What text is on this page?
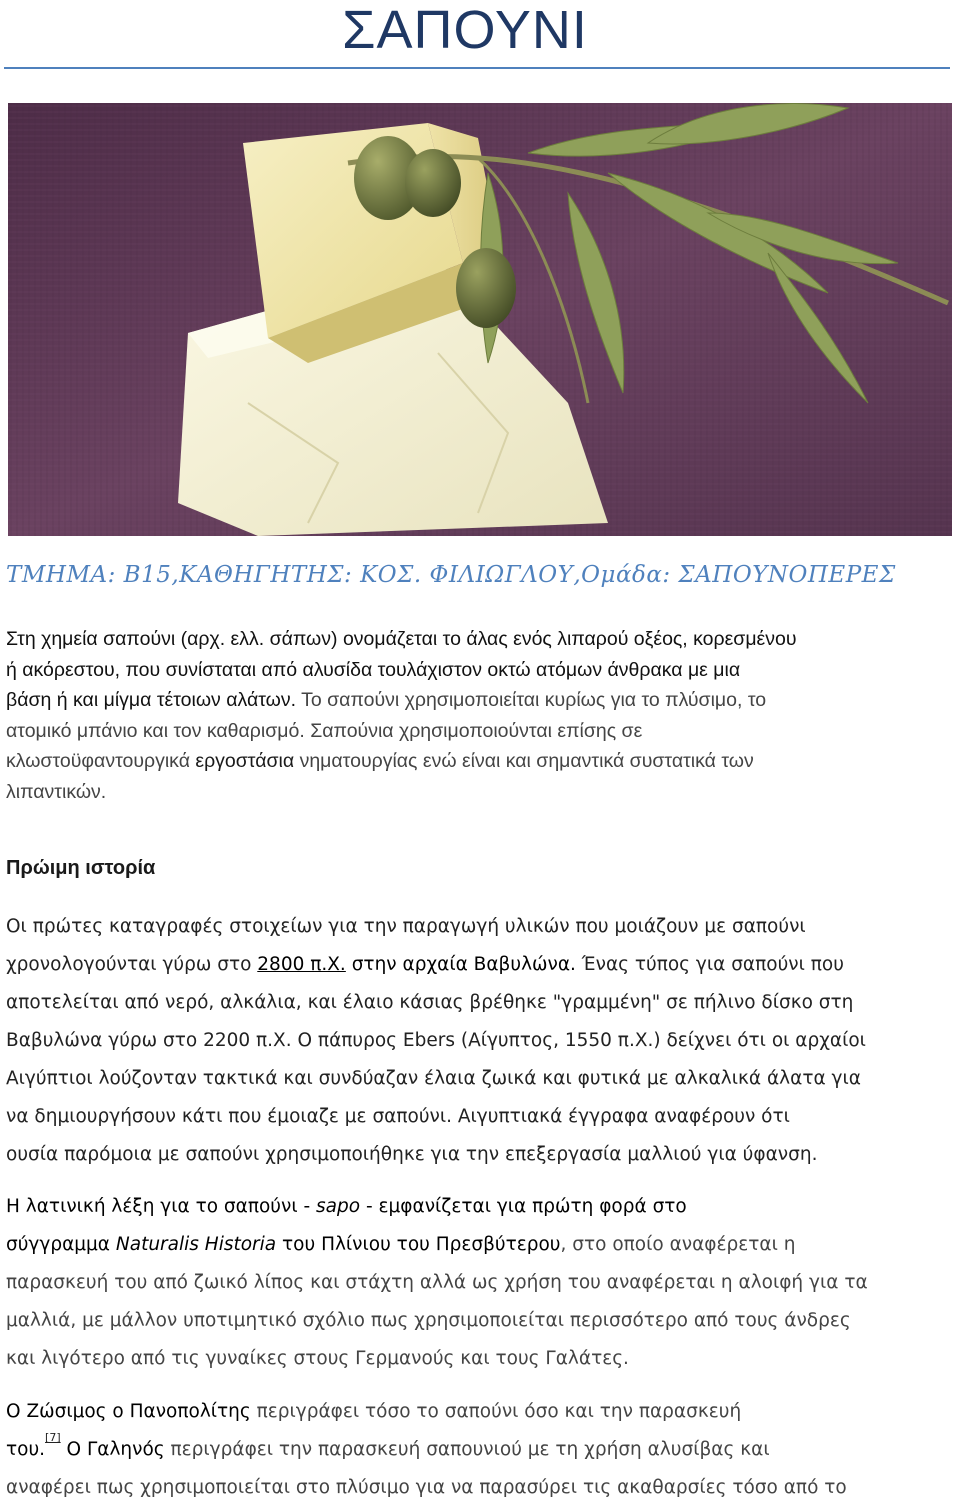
ΣΑΠΟΥΝΙ

ΤΜΗΜΑ: Β15,ΚΑΘΗΓΗΤΗΣ: ΚΟΣ. ΦΙΛΙΩΓΛΟΥ,Ομάδα: ΣΑΠΟΥΝΟΠΕΡΕΣ

Στη χημεία σαπούνι (αρχ. ελλ. σάπων) ονομάζεται το άλας ενός λιπαρού οξέος, κορεσμένου
ή ακόρεστου, που συνίσταται από αλυσίδα τουλάχιστον οκτώ ατόμων άνθρακα με μια
βάση ή και μίγμα τέτοιων αλάτων. Το σαπούνι χρησιμοποιείται κυρίως για το πλύσιμο, το
ατομικό μπάνιο και τον καθαρισμό. Σαπούνια χρησιμοποιούνται επίσης σε
κλωστοϋφαντουργικά εργοστάσια νηματουργίας ενώ είναι και σημαντικά συστατικά των
λιπαντικών.
Πρώιμη ιστορία
Οι πρώτες καταγραφές στοιχείων για την παραγωγή υλικών που μοιάζουν με σαπούνι
χρονολογούνται γύρω στο 2800 π.Χ. στην αρχαία Βαβυλώνα. Ένας τύπος για σαπούνι που
αποτελείται από νερό, αλκάλια, και έλαιο κάσιας βρέθηκε "γραμμένη" σε πήλινο δίσκο στη
Βαβυλώνα γύρω στο 2200 π.Χ. Ο πάπυρος Ebers (Αίγυπτος, 1550 π.Χ.) δείχνει ότι οι αρχαίοι
Αιγύπτιοι λούζονταν τακτικά και συνδύαζαν έλαια ζωικά και φυτικά με αλκαλικά άλατα για
να δημιουργήσουν κάτι που έμοιαζε με σαπούνι. Αιγυπτιακά έγγραφα αναφέρουν ότι
ουσία παρόμοια με σαπούνι χρησιμοποιήθηκε για την επεξεργασία μαλλιού για ύφανση.
Η λατινική λέξη για το σαπούνι - sapo - εμφανίζεται για πρώτη φορά στο
σύγγραμμα Naturalis Historia του Πλίνιου του Πρεσβύτερου, στο οποίο αναφέρεται η
παρασκευή του από ζωικό λίπος και στάχτη αλλά ως χρήση του αναφέρεται η αλοιφή για τα
μαλλιά, με μάλλον υποτιμητικό σχόλιο πως χρησιμοποιείται περισσότερο από τους άνδρες
και λιγότερο από τις γυναίκες στους Γερμανούς και τους Γαλάτες.
Ο Ζώσιμος ο Πανοπολίτης περιγράφει τόσο το σαπούνι όσο και την παρασκευή
του.[7] Ο Γαληνός περιγράφει την παρασκευή σαπουνιού με τη χρήση αλυσίβας και
αναφέρει πως χρησιμοποιείται στο πλύσιμο για να παρασύρει τις ακαθαρσίες τόσο από το
